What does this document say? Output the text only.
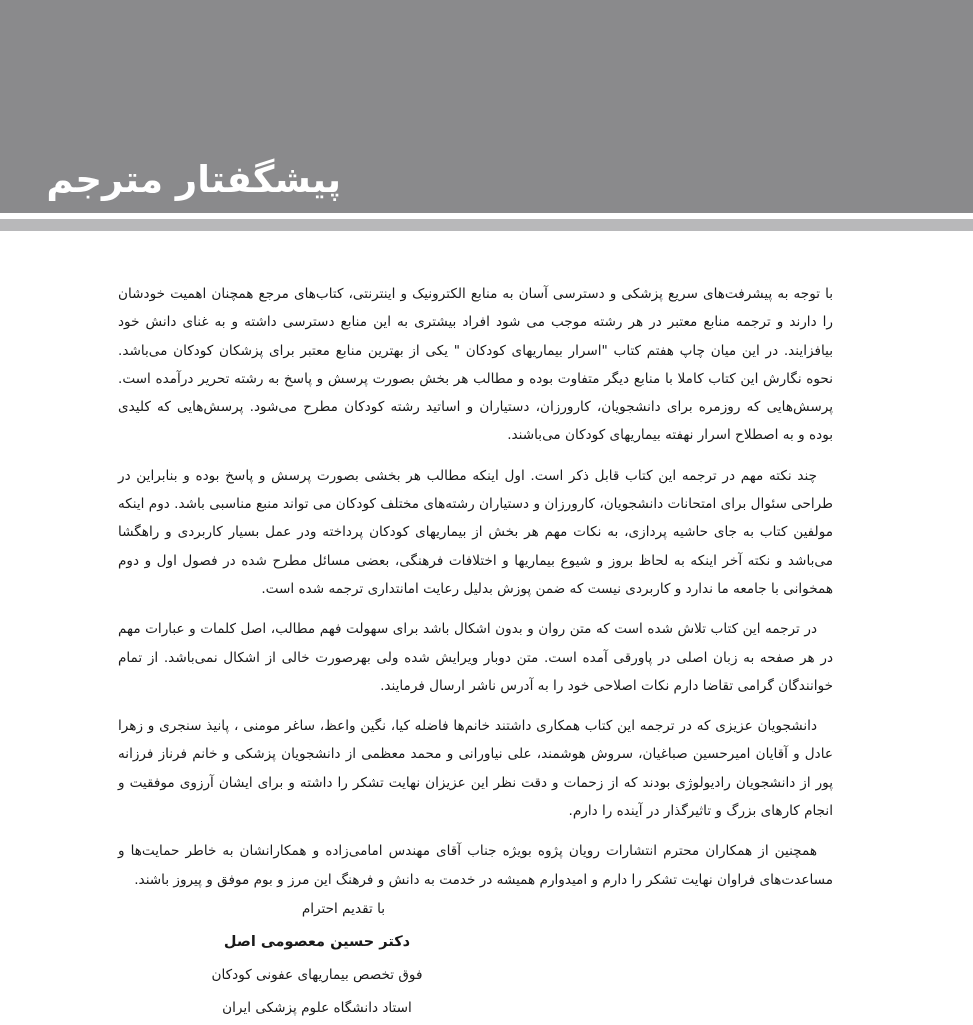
پیشگفتار مترجم

با توجه به پیشرفت‌های سریع پزشکی و دسترسی آسان به منابع الکترونیک و اینترنتی، کتاب‌های مرجع همچنان اهمیت خودشان را دارند و ترجمه منابع معتبر در هر رشته موجب می شود افراد بیشتری به این منابع دسترسی داشته و به غنای دانش خود بیافزایند. در این میان چاپ هفتم کتاب "اسرار بیماریهای کودکان " یکی از بهترین منابع معتبر برای پزشکان کودکان می‌باشد. نحوه نگارش این کتاب کاملا با منابع دیگر متفاوت بوده و مطالب هر بخش بصورت پرسش و پاسخ به رشته تحریر درآمده است. پرسش‌هایی که روزمره برای دانشجویان، کارورزان، دستیاران و اساتید رشته کودکان مطرح می‌شود. پرسش‌هایی که کلیدی بوده و به اصطلاح اسرار نهفته بیماریهای کودکان می‌باشند.

چند نکته مهم در ترجمه این کتاب قابل ذکر است. اول اینکه مطالب هر بخشی بصورت پرسش و پاسخ بوده و بنابراین در طراحی سئوال برای امتحانات دانشجویان، کارورزان و دستیاران رشته‌های مختلف کودکان می تواند منبع مناسبی باشد. دوم اینکه مولفین کتاب به جای حاشیه پردازی، به نکات مهم هر بخش از بیماریهای کودکان پرداخته ودر عمل بسیار کاربردی و راهگشا می‌باشد و نکته آخر اینکه به لحاظ بروز و شیوع بیماریها و اختلافات فرهنگی، بعضی مسائل مطرح شده در فصول اول و دوم همخوانی با جامعه ما ندارد و کاربردی نیست که ضمن پوزش بدلیل رعایت امانتداری ترجمه شده است.

در ترجمه این کتاب تلاش شده است که متن روان و بدون اشکال باشد برای سهولت فهم مطالب، اصل کلمات و عبارات مهم در هر صفحه به زبان اصلی در پاورقی آمده است. متن دوبار ویرایش شده ولی بهرصورت خالی از اشکال نمی‌باشد. از تمام خوانندگان گرامی تقاضا دارم نکات اصلاحی خود را به آدرس ناشر ارسال فرمایند.

دانشجویان عزیزی که در ترجمه این کتاب همکاری داشتند خانم‌ها فاضله کیا، نگین واعظ، ساغر مومنی ، پانیذ سنجری و زهرا عادل و آقایان امیرحسین صباغیان، سروش هوشمند، علی نیاورانی و محمد معظمی از دانشجویان پزشکی و خانم فرناز فرزانه پور از دانشجویان رادیولوژی بودند که از زحمات و دقت نظر این عزیزان نهایت تشکر را داشته و برای ایشان آرزوی موفقیت و انجام کارهای بزرگ و تاثیرگذار در آینده را دارم.

همچنین از همکاران محترم انتشارات رویان پژوه بویژه جناب آقای مهندس امامی‌زاده و همکارانشان به خاطر حمایت‌ها و مساعدت‌های فراوان نهایت تشکر را دارم و امیدوارم همیشه در خدمت به دانش و فرهنگ این مرز و بوم موفق و پیروز باشند.

با تقدیم احترام

دکتر حسین معصومی اصل

فوق تخصص بیماریهای عفونی کودکان

استاد دانشگاه علوم پزشکی ایران
